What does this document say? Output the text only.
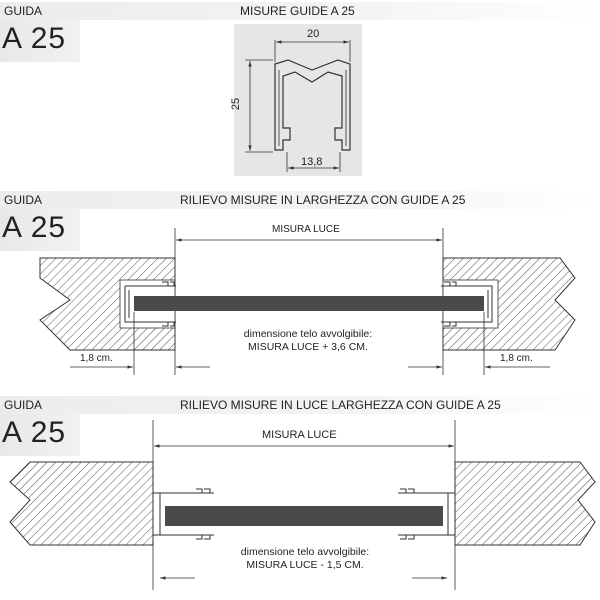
GUIDA	MISURE GUIDE A 25
A 25
GUIDA	RILIEVO MISURE IN LARGHEZZA CON GUIDE A 25
A 25
GUIDA	RILIEVO MISURE IN LUCE LARGHEZZA CON GUIDE A 25
A 25
20
25
13,8
MISURA LUCE
dimensione telo avvolgibile:
MISURA LUCE + 3,6 CM.
1,8 cm.	1,8 cm.
MISURA LUCE
dimensione telo avvolgibile:
MISURA LUCE - 1,5 CM.
